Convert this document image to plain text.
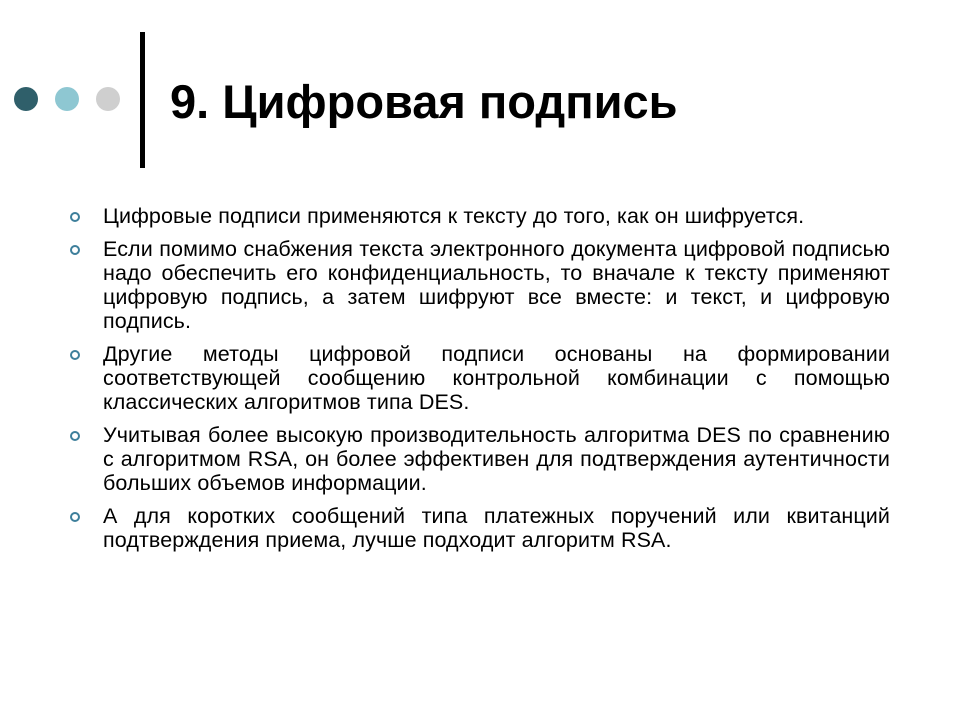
9. Цифровая подпись
Цифровые подписи применяются к тексту до того, как он шифруется.
Если помимо снабжения текста электронного документа цифровой подписью надо обеспечить его конфиденциальность, то вначале к тексту применяют цифровую подпись, а затем шифруют все вместе: и текст, и цифровую подпись.
Другие методы цифровой подписи основаны на формировании соответствующей сообщению контрольной комбинации с помощью классических алгоритмов типа DES.
Учитывая более высокую производительность алгоритма DES по сравнению с алгоритмом RSA, он более эффективен для подтверждения аутентичности больших объемов информации.
А для коротких сообщений типа платежных поручений или квитанций подтверждения приема, лучше подходит алгоритм RSA.
